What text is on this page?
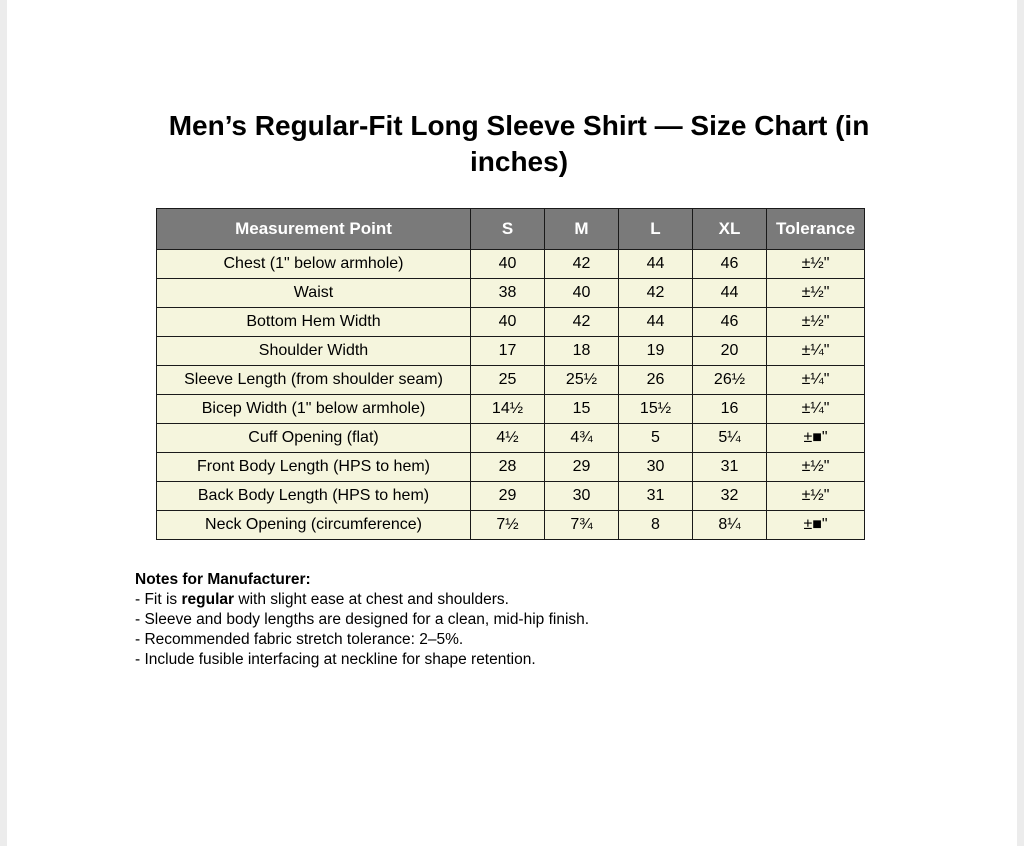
Men’s Regular-Fit Long Sleeve Shirt — Size Chart (in inches)
Measurement Point	S	M	L	XL	Tolerance
Chest (1" below armhole)	40	42	44	46	±½"
Waist	38	40	42	44	±½"
Bottom Hem Width	40	42	44	46	±½"
Shoulder Width	17	18	19	20	±¼"
Sleeve Length (from shoulder seam)	25	25½	26	26½	±¼"
Bicep Width (1" below armhole)	14½	15	15½	16	±¼"
Cuff Opening (flat)	4½	4¾	5	5¼	±■"
Front Body Length (HPS to hem)	28	29	30	31	±½"
Back Body Length (HPS to hem)	29	30	31	32	±½"
Neck Opening (circumference)	7½	7¾	8	8¼	±■"
Notes for Manufacturer:
- Fit is regular with slight ease at chest and shoulders.
- Sleeve and body lengths are designed for a clean, mid-hip finish.
- Recommended fabric stretch tolerance: 2–5%.
- Include fusible interfacing at neckline for shape retention.
